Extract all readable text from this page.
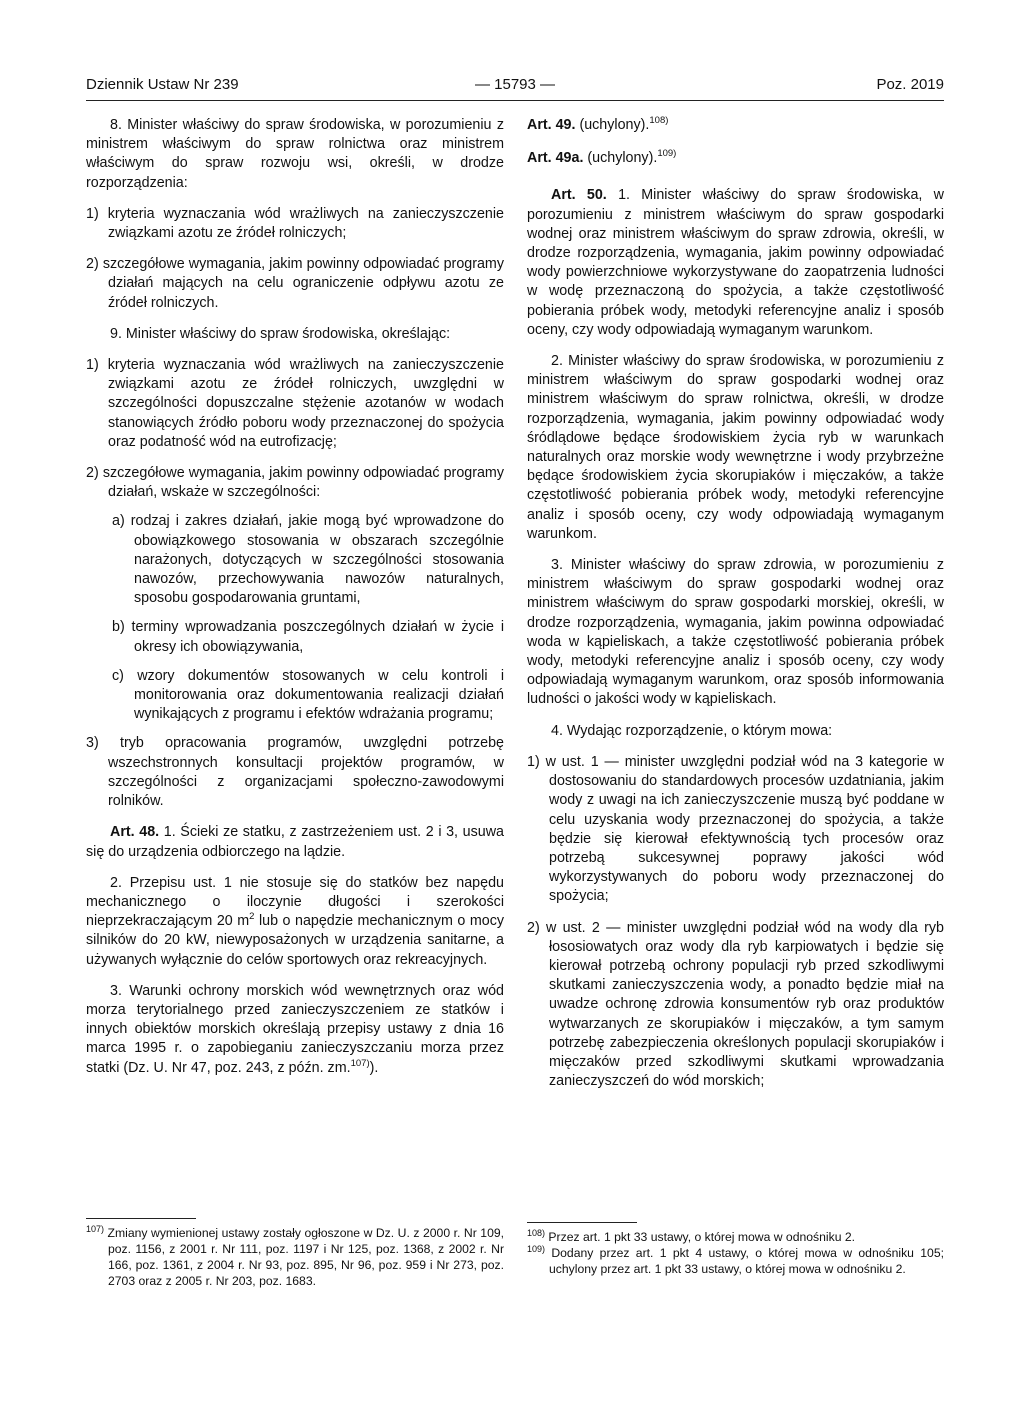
Dziennik Ustaw Nr 239	— 15793 —	Poz. 2019

8. Minister właściwy do spraw środowiska, w porozumieniu z ministrem właściwym do spraw rolnictwa oraz ministrem właściwym do spraw rozwoju wsi, określi, w drodze rozporządzenia:

1) kryteria wyznaczania wód wrażliwych na zanieczyszczenie związkami azotu ze źródeł rolniczych;

2) szczegółowe wymagania, jakim powinny odpowiadać programy działań mających na celu ograniczenie odpływu azotu ze źródeł rolniczych.

9. Minister właściwy do spraw środowiska, określając:

1) kryteria wyznaczania wód wrażliwych na zanieczyszczenie związkami azotu ze źródeł rolniczych, uwzględni w szczególności dopuszczalne stężenie azotanów w wodach stanowiących źródło poboru wody przeznaczonej do spożycia oraz podatność wód na eutrofizację;

2) szczegółowe wymagania, jakim powinny odpowiadać programy działań, wskaże w szczególności:

a) rodzaj i zakres działań, jakie mogą być wprowadzone do obowiązkowego stosowania w obszarach szczególnie narażonych, dotyczących w szczególności stosowania nawozów, przechowywania nawozów naturalnych, sposobu gospodarowania gruntami,

b) terminy wprowadzania poszczególnych działań w życie i okresy ich obowiązywania,

c) wzory dokumentów stosowanych w celu kontroli i monitorowania oraz dokumentowania realizacji działań wynikających z programu i efektów wdrażania programu;

3) tryb opracowania programów, uwzględni potrzebę wszechstronnych konsultacji projektów programów, w szczególności z organizacjami społeczno-zawodowymi rolników.

Art. 48. 1. Ścieki ze statku, z zastrzeżeniem ust. 2 i 3, usuwa się do urządzenia odbiorczego na lądzie.

2. Przepisu ust. 1 nie stosuje się do statków bez napędu mechanicznego o iloczynie długości i szerokości nieprzekraczającym 20 $m^2$ lub o napędzie mechanicznym o mocy silników do 20 kW, niewyposażonych w urządzenia sanitarne, a używanych wyłącznie do celów sportowych oraz rekreacyjnych.

3. Warunki ochrony morskich wód wewnętrznych oraz wód morza terytorialnego przed zanieczyszczeniem ze statków i innych obiektów morskich określają przepisy ustawy z dnia 16 marca 1995 r. o zapobieganiu zanieczyszczaniu morza przez statki (Dz. U. Nr 47, poz. 243, z późn. zm.$^{107)}$).

Art. 49. (uchylony).$^{108)}$

Art. 49a. (uchylony).$^{109)}$

Art. 50. 1. Minister właściwy do spraw środowiska, w porozumieniu z ministrem właściwym do spraw gospodarki wodnej oraz ministrem właściwym do spraw zdrowia, określi, w drodze rozporządzenia, wymagania, jakim powinny odpowiadać wody powierzchniowe wykorzystywane do zaopatrzenia ludności w wodę przeznaczoną do spożycia, a także częstotliwość pobierania próbek wody, metodyki referencyjne analiz i sposób oceny, czy wody odpowiadają wymaganym warunkom.

2. Minister właściwy do spraw środowiska, w porozumieniu z ministrem właściwym do spraw gospodarki wodnej oraz ministrem właściwym do spraw rolnictwa, określi, w drodze rozporządzenia, wymagania, jakim powinny odpowiadać wody śródlądowe będące środowiskiem życia ryb w warunkach naturalnych oraz morskie wody wewnętrzne i wody przybrzeżne będące środowiskiem życia skorupiaków i mięczaków, a także częstotliwość pobierania próbek wody, metodyki referencyjne analiz i sposób oceny, czy wody odpowiadają wymaganym warunkom.

3. Minister właściwy do spraw zdrowia, w porozumieniu z ministrem właściwym do spraw gospodarki wodnej oraz ministrem właściwym do spraw gospodarki morskiej, określi, w drodze rozporządzenia, wymagania, jakim powinna odpowiadać woda w kąpieliskach, a także częstotliwość pobierania próbek wody, metodyki referencyjne analiz i sposób oceny, czy wody odpowiadają wymaganym warunkom, oraz sposób informowania ludności o jakości wody w kąpieliskach.

4. Wydając rozporządzenie, o którym mowa:

1) w ust. 1 — minister uwzględni podział wód na 3 kategorie w dostosowaniu do standardowych procesów uzdatniania, jakim wody z uwagi na ich zanieczyszczenie muszą być poddane w celu uzyskania wody przeznaczonej do spożycia, a także będzie się kierował efektywnością tych procesów oraz potrzebą sukcesywnej poprawy jakości wód wykorzystywanych do poboru wody przeznaczonej do spożycia;

2) w ust. 2 — minister uwzględni podział wód na wody dla ryb łososiowatych oraz wody dla ryb karpiowatych i będzie się kierował potrzebą ochrony populacji ryb przed szkodliwymi skutkami zanieczyszczenia wody, a ponadto będzie miał na uwadze ochronę zdrowia konsumentów ryb oraz produktów wytwarzanych ze skorupiaków i mięczaków, a tym samym potrzebę zabezpieczenia określonych populacji skorupiaków i mięczaków przed szkodliwymi skutkami wprowadzania zanieczyszczeń do wód morskich;

$^{107)}$ Zmiany wymienionej ustawy zostały ogłoszone w Dz. U. z 2000 r. Nr 109, poz. 1156, z 2001 r. Nr 111, poz. 1197 i Nr 125, poz. 1368, z 2002 r. Nr 166, poz. 1361, z 2004 r. Nr 93, poz. 895, Nr 96, poz. 959 i Nr 273, poz. 2703 oraz z 2005 r. Nr 203, poz. 1683.

$^{108)}$ Przez art. 1 pkt 33 ustawy, o której mowa w odnośniku 2.

$^{109)}$ Dodany przez art. 1 pkt 4 ustawy, o której mowa w odnośniku 105; uchylony przez art. 1 pkt 33 ustawy, o której mowa w odnośniku 2.
